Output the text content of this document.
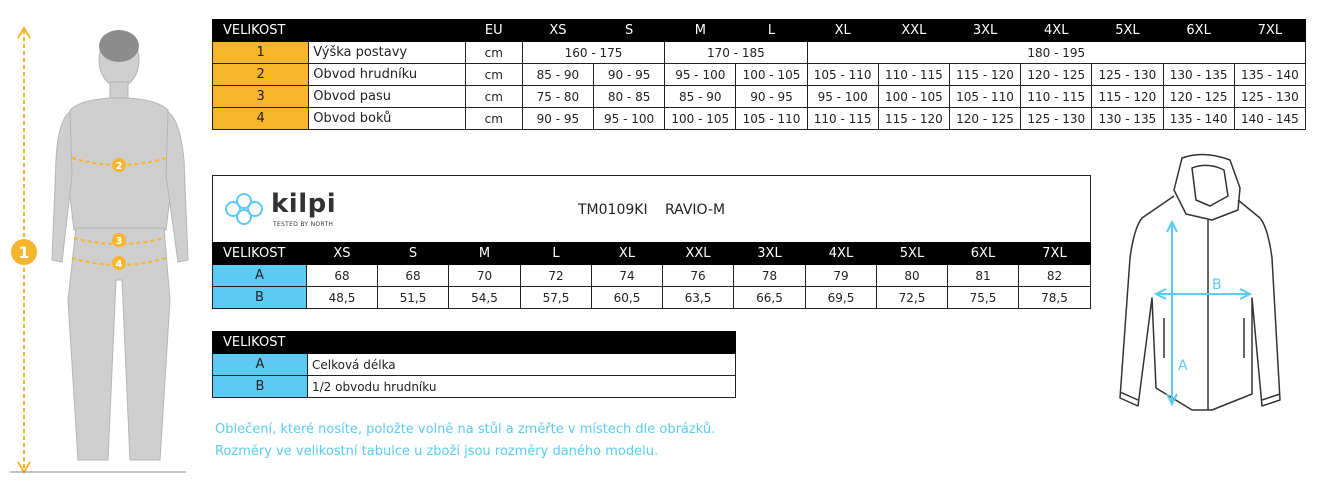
1
2
3
4
VELIKOST		EU	XS	S	M	L	XL	XXL	3XL	4XL	5XL	6XL	7XL
1	Výška postavy	cm	160 - 175		170 - 185		180 - 195						
2	Obvod hrudníku	cm	85 - 90	90 - 95	95 - 100	100 - 105	105 - 110	110 - 115	115 - 120	120 - 125	125 - 130	130 - 135	135 - 140
3	Obvod pasu	cm	75 - 80	80 - 85	85 - 90	90 - 95	95 - 100	100 - 105	105 - 110	110 - 115	115 - 120	120 - 125	125 - 130
4	Obvod boků	cm	90 - 95	95 - 100	100 - 105	105 - 110	110 - 115	115 - 120	120 - 125	125 - 130	130 - 135	135 - 140	140 - 145
kilpi
TESTED BY NORTH
TM0109KI RAVIO-M
VELIKOST	XS	S	M	L	XL	XXL	3XL	4XL	5XL	6XL	7XL
A	68	68	70	72	74	76	78	79	80	81	82
B	48,5	51,5	54,5	57,5	60,5	63,5	66,5	69,5	72,5	75,5	78,5
VELIKOST	
A	Celková délka
B	1/2 obvodu hrudníku
Oblečení, které nosíte, položte volně na stůl a změřte v místech dle obrázků.
Rozměry ve velikostní tabulce u zboží jsou rozměry daného modelu.
A
B
